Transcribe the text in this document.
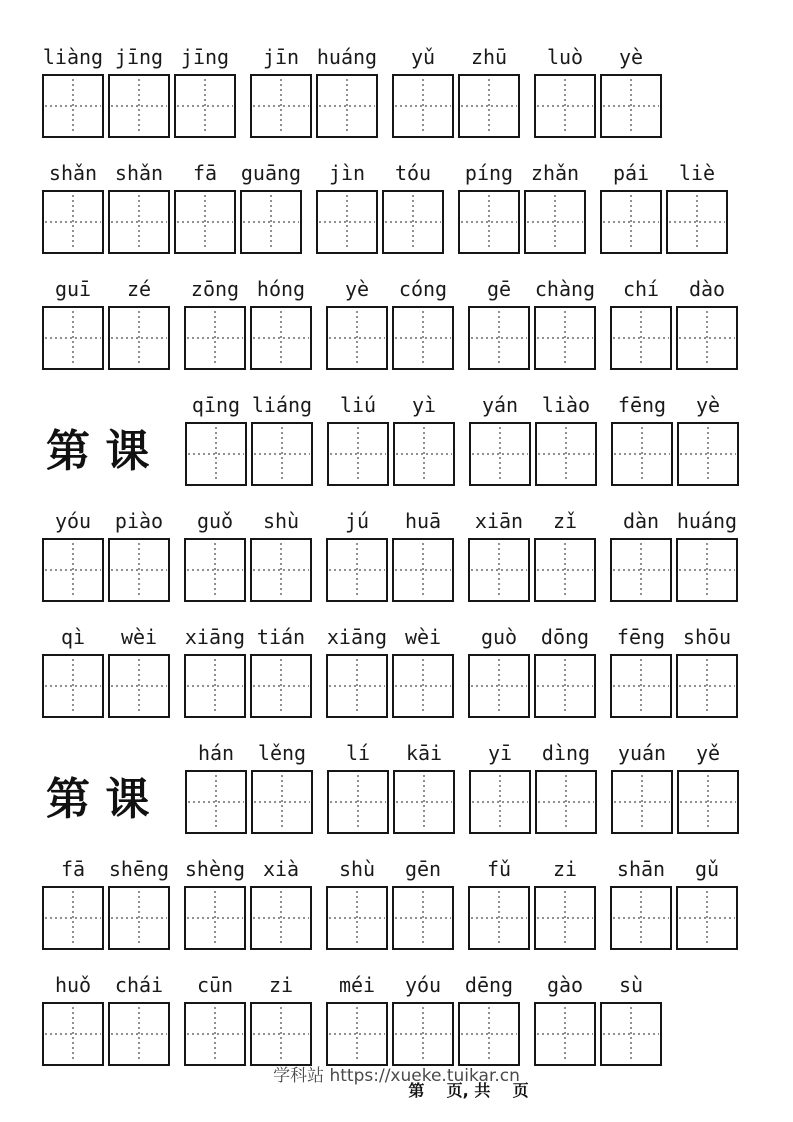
liàng jīng jīng jīn huáng yǔ zhū luò yè
shǎn shǎn fā guāng jìn tóu píng zhǎn pái liè
guī zé zōng hóng yè cóng gē chàng chí dào
第 课
qīng liáng liú yì yán liào fēng yè
yóu piào guǒ shù jú huā xiān zǐ dàn huáng
qì wèi xiāng tián xiāng wèi guò dōng fēng shōu
第 课
hán lěng lí kāi yī dìng yuán yě
fā shēng shèng xià shù gēn fǔ zi shān gǔ
huǒ chái cūn zi méi yóu dēng gào sù
学科站 https://xueke.tuikar.cn
第    页, 共    页
